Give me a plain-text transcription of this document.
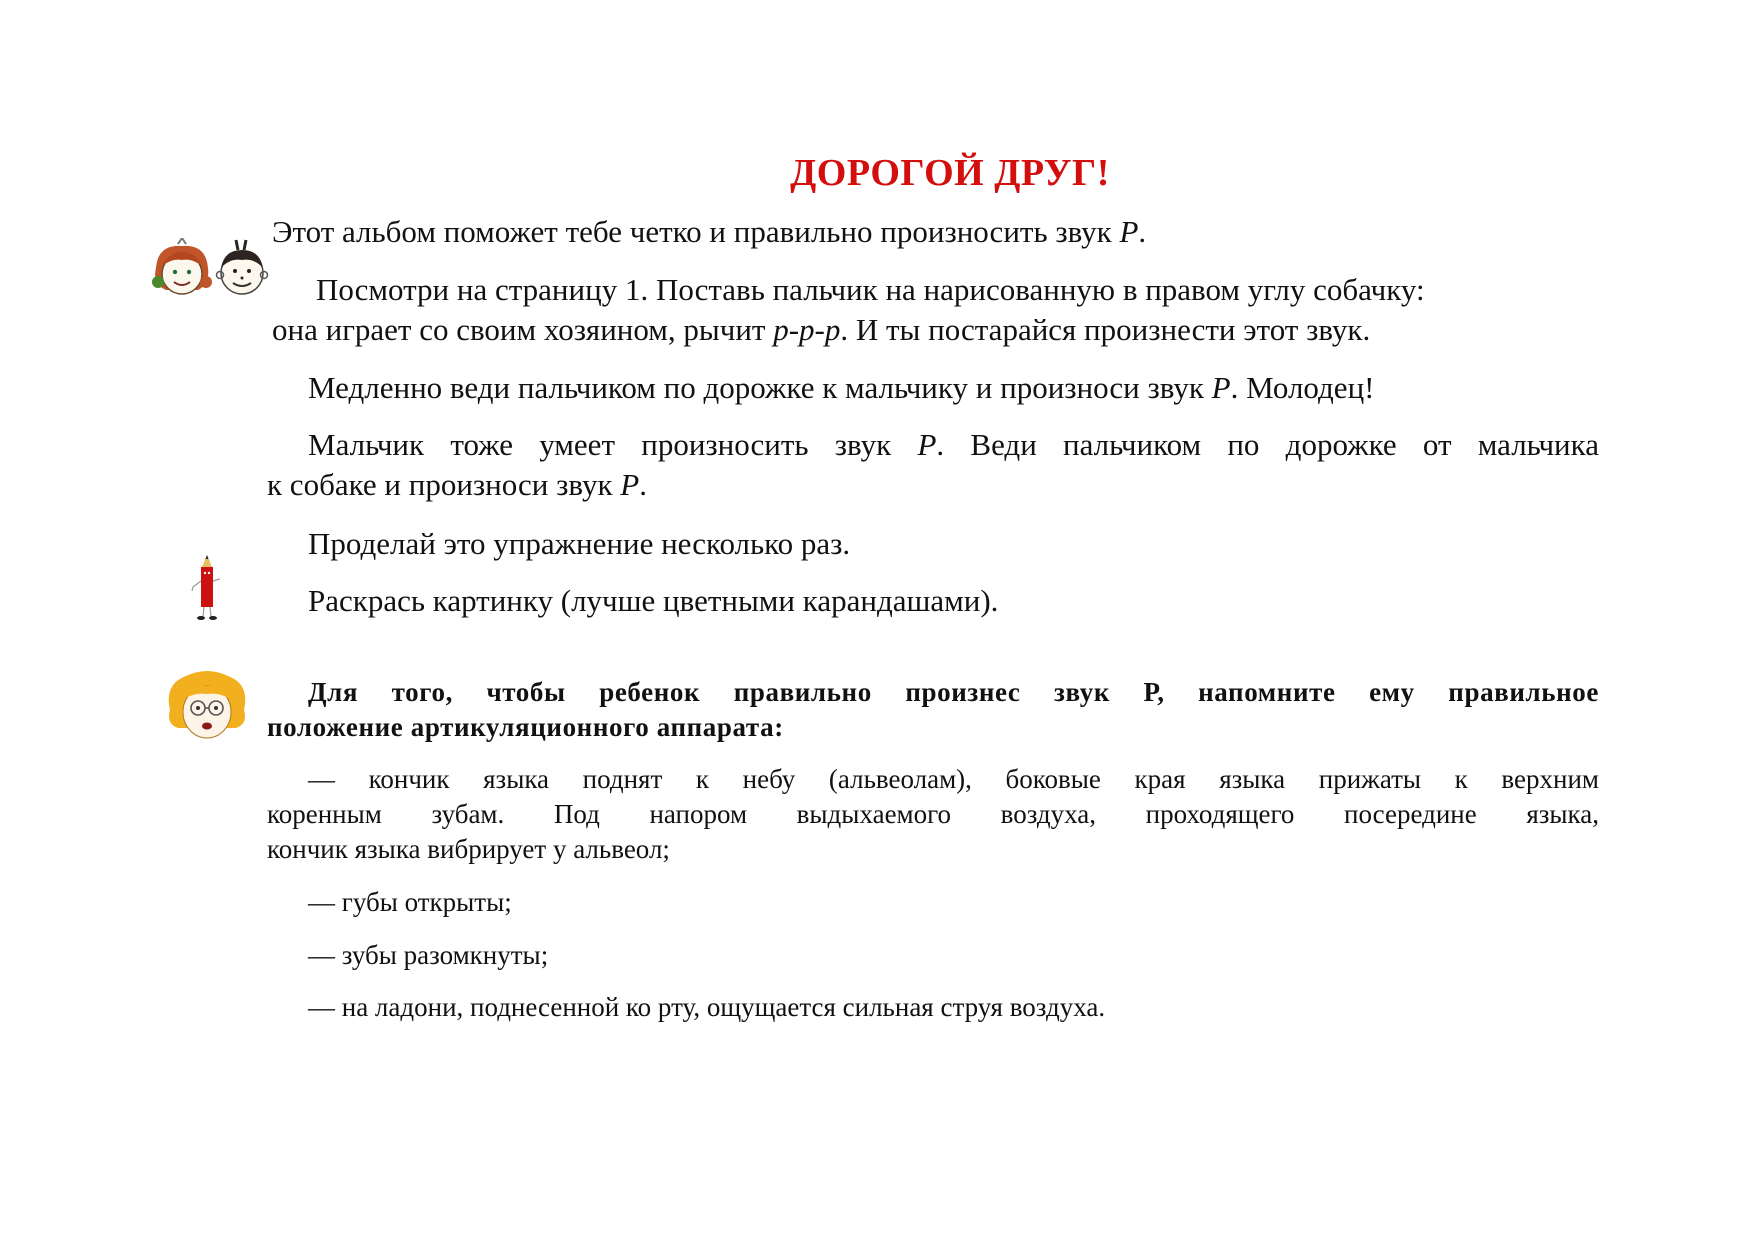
ДОРОГОЙ ДРУГ!
Этот альбом поможет тебе четко и правильно произносить звук Р.
Посмотри на страницу 1. Поставь пальчик на нарисованную в правом углу собачку:
она играет со своим хозяином, рычит р-р-р. И ты постарайся произнести этот звук.
Медленно веди пальчиком по дорожке к мальчику и произноси звук Р. Молодец!
Мальчик тоже умеет произносить звук Р. Веди пальчиком по дорожке от мальчика
к собаке и произноси звук Р.
Проделай это упражнение несколько раз.
Раскрась картинку (лучше цветными карандашами).
Для того, чтобы ребенок правильно произнес звук Р, напомните ему правильное
положение артикуляционного аппарата:
— кончик языка поднят к небу (альвеолам), боковые края языка прижаты к верхним
коренным зубам. Под напором выдыхаемого воздуха, проходящего посередине языка,
кончик языка вибрирует у альвеол;
— губы открыты;
— зубы разомкнуты;
— на ладони, поднесенной ко рту, ощущается сильная струя воздуха.
